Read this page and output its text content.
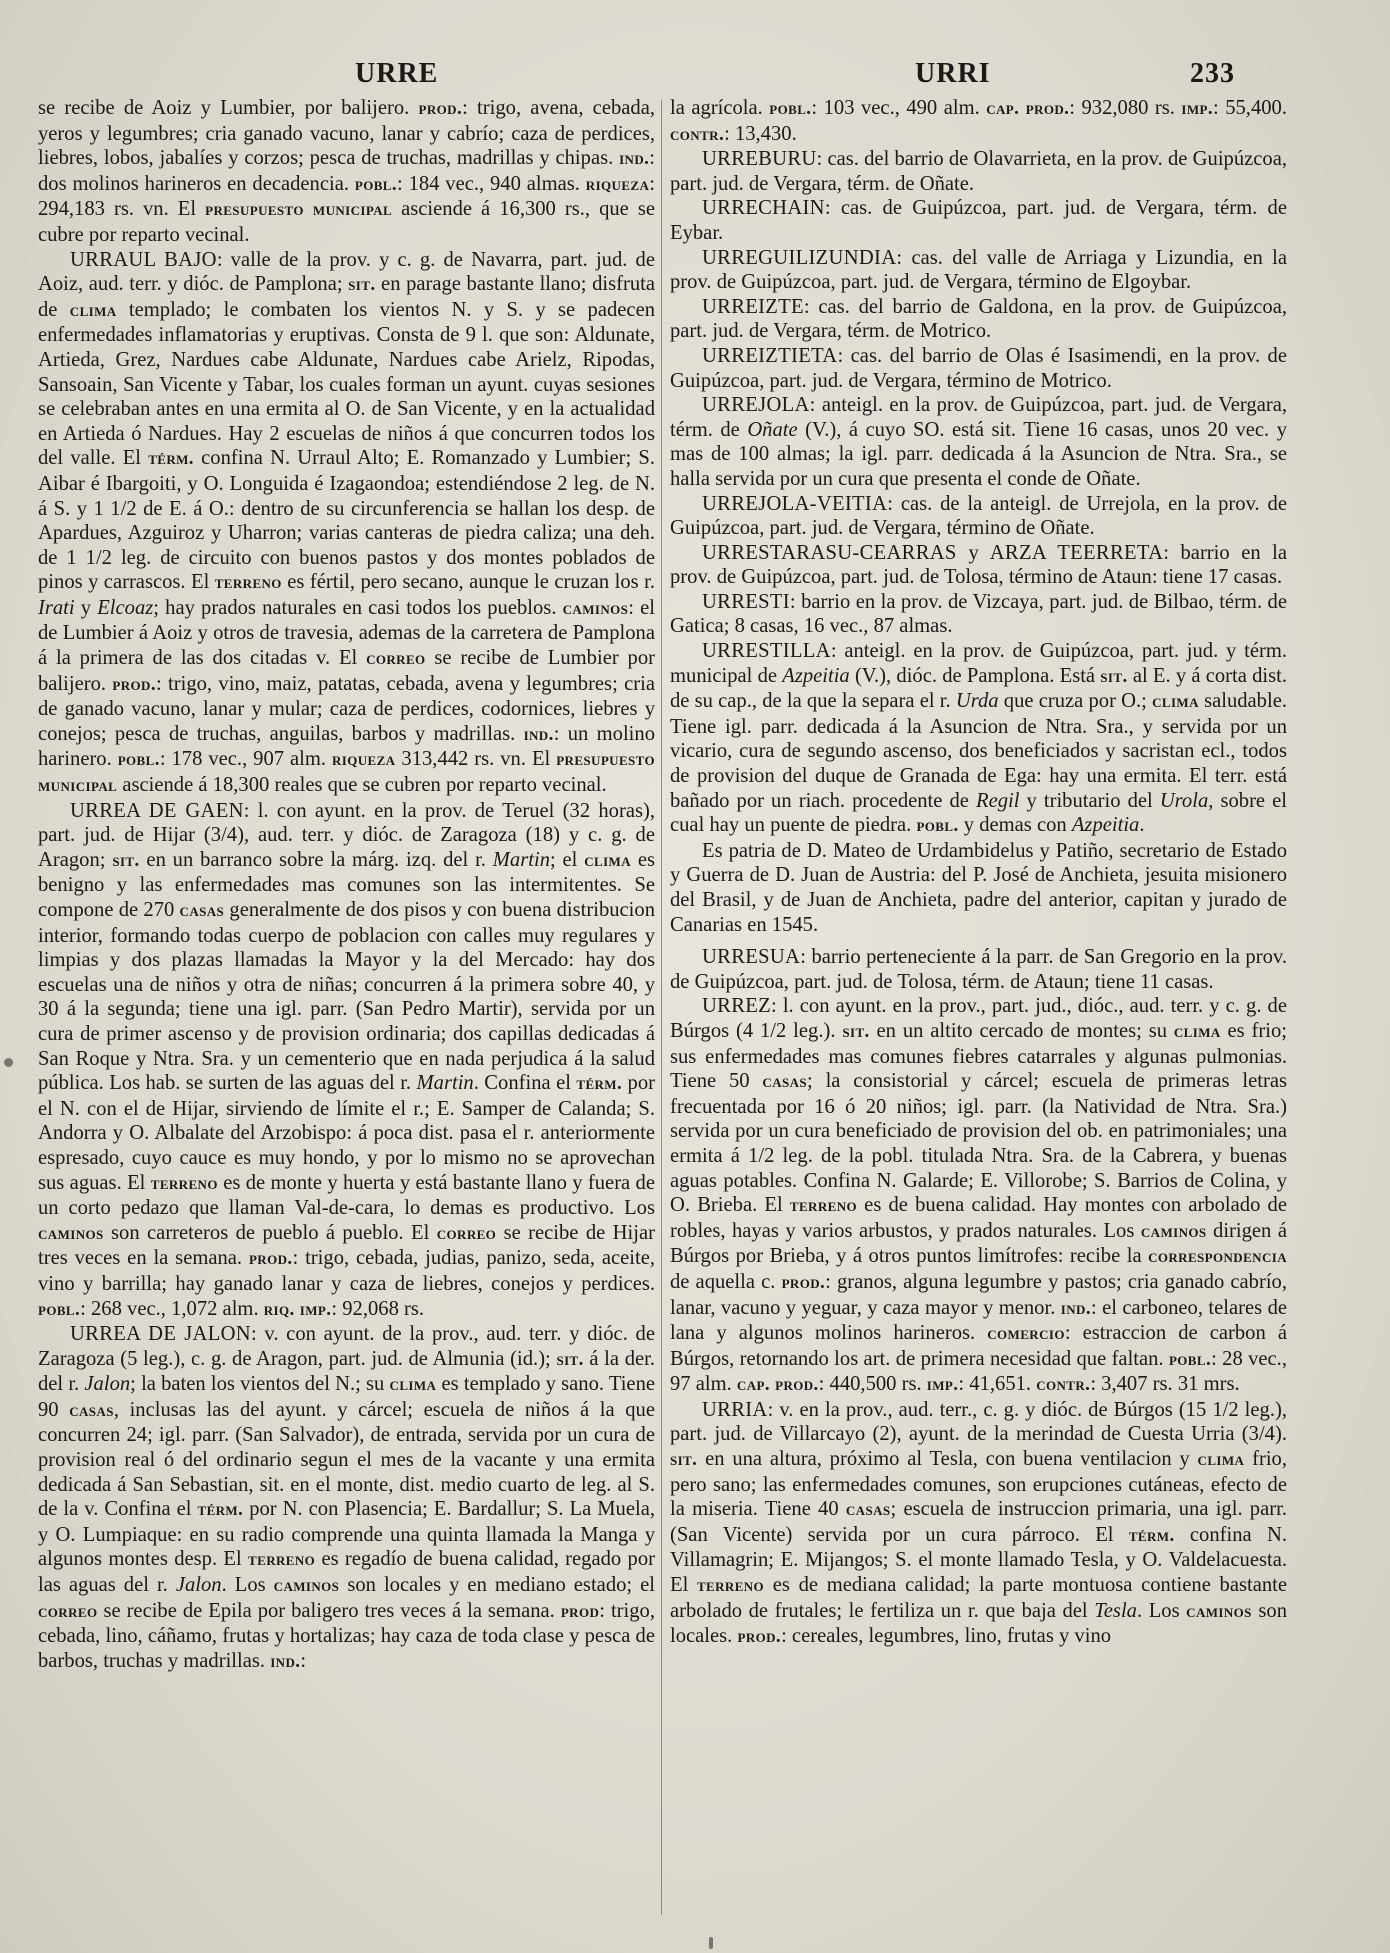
URRE	URRI	233

se recibe de Aoiz y Lumbier, por balijero. prod.: trigo, avena, cebada, yeros y legumbres; cria ganado vacuno, lanar y cabrío; caza de perdices, liebres, lobos, jabalíes y corzos; pesca de truchas, madrillas y chipas. ind.: dos molinos harineros en decadencia. pobl.: 184 vec., 940 almas. riqueza: 294,183 rs. vn. El presupuesto municipal asciende á 16,300 rs., que se cubre por reparto vecinal.

URRAUL BAJO: valle de la prov. y c. g. de Navarra, part. jud. de Aoiz, aud. terr. y dióc. de Pamplona; sit. en parage bastante llano; disfruta de clima templado; le combaten los vientos N. y S. y se padecen enfermedades inflamatorias y eruptivas. Consta de 9 l. que son: Aldunate, Artieda, Grez, Nardues cabe Aldunate, Nardues cabe Arielz, Ripodas, Sansoain, San Vicente y Tabar, los cuales forman un ayunt. cuyas sesiones se celebraban antes en una ermita al O. de San Vicente, y en la actualidad en Artieda ó Nardues. Hay 2 escuelas de niños á que concurren todos los del valle. El térm. confina N. Urraul Alto; E. Romanzado y Lumbier; S. Aibar é Ibargoiti, y O. Longuida é Izagaondoa; estendiéndose 2 leg. de N. á S. y 1 1/2 de E. á O.: dentro de su circunferencia se hallan los desp. de Apardues, Azguiroz y Uharron; varias canteras de piedra caliza; una deh. de 1 1/2 leg. de circuito con buenos pastos y dos montes poblados de pinos y carrascos. El terreno es fértil, pero secano, aunque le cruzan los r. Irati y Elcoaz; hay prados naturales en casi todos los pueblos. caminos: el de Lumbier á Aoiz y otros de travesia, ademas de la carretera de Pamplona á la primera de las dos citadas v. El correo se recibe de Lumbier por balijero. prod.: trigo, vino, maiz, patatas, cebada, avena y legumbres; cria de ganado vacuno, lanar y mular; caza de perdices, codornices, liebres y conejos; pesca de truchas, anguilas, barbos y madrillas. ind.: un molino harinero. pobl.: 178 vec., 907 alm. riqueza 313,442 rs. vn. El presupuesto municipal asciende á 18,300 reales que se cubren por reparto vecinal.

URREA DE GAEN: l. con ayunt. en la prov. de Teruel (32 horas), part. jud. de Hijar (3/4), aud. terr. y dióc. de Zaragoza (18) y c. g. de Aragon; sit. en un barranco sobre la márg. izq. del r. Martin; el clima es benigno y las enfermedades mas comunes son las intermitentes. Se compone de 270 casas generalmente de dos pisos y con buena distribucion interior, formando todas cuerpo de poblacion con calles muy regulares y limpias y dos plazas llamadas la Mayor y la del Mercado: hay dos escuelas una de niños y otra de niñas; concurren á la primera sobre 40, y 30 á la segunda; tiene una igl. parr. (San Pedro Martir), servida por un cura de primer ascenso y de provision ordinaria; dos capillas dedicadas á San Roque y Ntra. Sra. y un cementerio que en nada perjudica á la salud pública. Los hab. se surten de las aguas del r. Martin. Confina el térm. por el N. con el de Hijar, sirviendo de límite el r.; E. Samper de Calanda; S. Andorra y O. Albalate del Arzobispo: á poca dist. pasa el r. anteriormente espresado, cuyo cauce es muy hondo, y por lo mismo no se aprovechan sus aguas. El terreno es de monte y huerta y está bastante llano y fuera de un corto pedazo que llaman Val-de-cara, lo demas es productivo. Los caminos son carreteros de pueblo á pueblo. El correo se recibe de Hijar tres veces en la semana. prod.: trigo, cebada, judias, panizo, seda, aceite, vino y barrilla; hay ganado lanar y caza de liebres, conejos y perdices. pobl.: 268 vec., 1,072 alm. riq. imp.: 92,068 rs.

URREA DE JALON: v. con ayunt. de la prov., aud. terr. y dióc. de Zaragoza (5 leg.), c. g. de Aragon, part. jud. de Almunia (id.); sit. á la der. del r. Jalon; la baten los vientos del N.; su clima es templado y sano. Tiene 90 casas, inclusas las del ayunt. y cárcel; escuela de niños á la que concurren 24; igl. parr. (San Salvador), de entrada, servida por un cura de provision real ó del ordinario segun el mes de la vacante y una ermita dedicada á San Sebastian, sit. en el monte, dist. medio cuarto de leg. al S. de la v. Confina el térm. por N. con Plasencia; E. Bardallur; S. La Muela, y O. Lumpiaque: en su radio comprende una quinta llamada la Manga y algunos montes desp. El terreno es regadío de buena calidad, regado por las aguas del r. Jalon. Los caminos son locales y en mediano estado; el correo se recibe de Epila por baligero tres veces á la semana. prod: trigo, cebada, lino, cáñamo, frutas y hortalizas; hay caza de toda clase y pesca de barbos, truchas y madrillas. ind.:

la agrícola. pobl.: 103 vec., 490 alm. cap. prod.: 932,080 rs. imp.: 55,400. contr.: 13,430.

URREBURU: cas. del barrio de Olavarrieta, en la prov. de Guipúzcoa, part. jud. de Vergara, térm. de Oñate.

URRECHAIN: cas. de Guipúzcoa, part. jud. de Vergara, térm. de Eybar.

URREGUILIZUNDIA: cas. del valle de Arriaga y Lizundia, en la prov. de Guipúzcoa, part. jud. de Vergara, término de Elgoybar.

URREIZTE: cas. del barrio de Galdona, en la prov. de Guipúzcoa, part. jud. de Vergara, térm. de Motrico.

URREIZTIETA: cas. del barrio de Olas é Isasimendi, en la prov. de Guipúzcoa, part. jud. de Vergara, término de Motrico.

URREJOLA: anteigl. en la prov. de Guipúzcoa, part. jud. de Vergara, térm. de Oñate (V.), á cuyo SO. está sit. Tiene 16 casas, unos 20 vec. y mas de 100 almas; la igl. parr. dedicada á la Asuncion de Ntra. Sra., se halla servida por un cura que presenta el conde de Oñate.

URREJOLA-VEITIA: cas. de la anteigl. de Urrejola, en la prov. de Guipúzcoa, part. jud. de Vergara, término de Oñate.

URRESTARASU-CEARRAS y ARZA TEERRETA: barrio en la prov. de Guipúzcoa, part. jud. de Tolosa, término de Ataun: tiene 17 casas.

URRESTI: barrio en la prov. de Vizcaya, part. jud. de Bilbao, térm. de Gatica; 8 casas, 16 vec., 87 almas.

URRESTILLA: anteigl. en la prov. de Guipúzcoa, part. jud. y térm. municipal de Azpeitia (V.), dióc. de Pamplona. Está sit. al E. y á corta dist. de su cap., de la que la separa el r. Urda que cruza por O.; clima saludable. Tiene igl. parr. dedicada á la Asuncion de Ntra. Sra., y servida por un vicario, cura de segundo ascenso, dos beneficiados y sacristan ecl., todos de provision del duque de Granada de Ega: hay una ermita. El terr. está bañado por un riach. procedente de Regil y tributario del Urola, sobre el cual hay un puente de piedra. pobl. y demas con Azpeitia.

Es patria de D. Mateo de Urdambidelus y Patiño, secretario de Estado y Guerra de D. Juan de Austria: del P. José de Anchieta, jesuita misionero del Brasil, y de Juan de Anchieta, padre del anterior, capitan y jurado de Canarias en 1545.

URRESUA: barrio perteneciente á la parr. de San Gregorio en la prov. de Guipúzcoa, part. jud. de Tolosa, térm. de Ataun; tiene 11 casas.

URREZ: l. con ayunt. en la prov., part. jud., dióc., aud. terr. y c. g. de Búrgos (4 1/2 leg.). sit. en un altito cercado de montes; su clima es frio; sus enfermedades mas comunes fiebres catarrales y algunas pulmonias. Tiene 50 casas; la consistorial y cárcel; escuela de primeras letras frecuentada por 16 ó 20 niños; igl. parr. (la Natividad de Ntra. Sra.) servida por un cura beneficiado de provision del ob. en patrimoniales; una ermita á 1/2 leg. de la pobl. titulada Ntra. Sra. de la Cabrera, y buenas aguas potables. Confina N. Galarde; E. Villorobe; S. Barrios de Colina, y O. Brieba. El terreno es de buena calidad. Hay montes con arbolado de robles, hayas y varios arbustos, y prados naturales. Los caminos dirigen á Búrgos por Brieba, y á otros puntos limítrofes: recibe la correspondencia de aquella c. prod.: granos, alguna legumbre y pastos; cria ganado cabrío, lanar, vacuno y yeguar, y caza mayor y menor. ind.: el carboneo, telares de lana y algunos molinos harineros. comercio: estraccion de carbon á Búrgos, retornando los art. de primera necesidad que faltan. pobl.: 28 vec., 97 alm. cap. prod.: 440,500 rs. imp.: 41,651. contr.: 3,407 rs. 31 mrs.

URRIA: v. en la prov., aud. terr., c. g. y dióc. de Búrgos (15 1/2 leg.), part. jud. de Villarcayo (2), ayunt. de la merindad de Cuesta Urria (3/4). sit. en una altura, próximo al Tesla, con buena ventilacion y clima frio, pero sano; las enfermedades comunes, son erupciones cutáneas, efecto de la miseria. Tiene 40 casas; escuela de instruccion primaria, una igl. parr. (San Vicente) servida por un cura párroco. El térm. confina N. Villamagrin; E. Mijangos; S. el monte llamado Tesla, y O. Valdelacuesta. El terreno es de mediana calidad; la parte montuosa contiene bastante arbolado de frutales; le fertiliza un r. que baja del Tesla. Los caminos son locales. prod.: cereales, legumbres, lino, frutas y vino
